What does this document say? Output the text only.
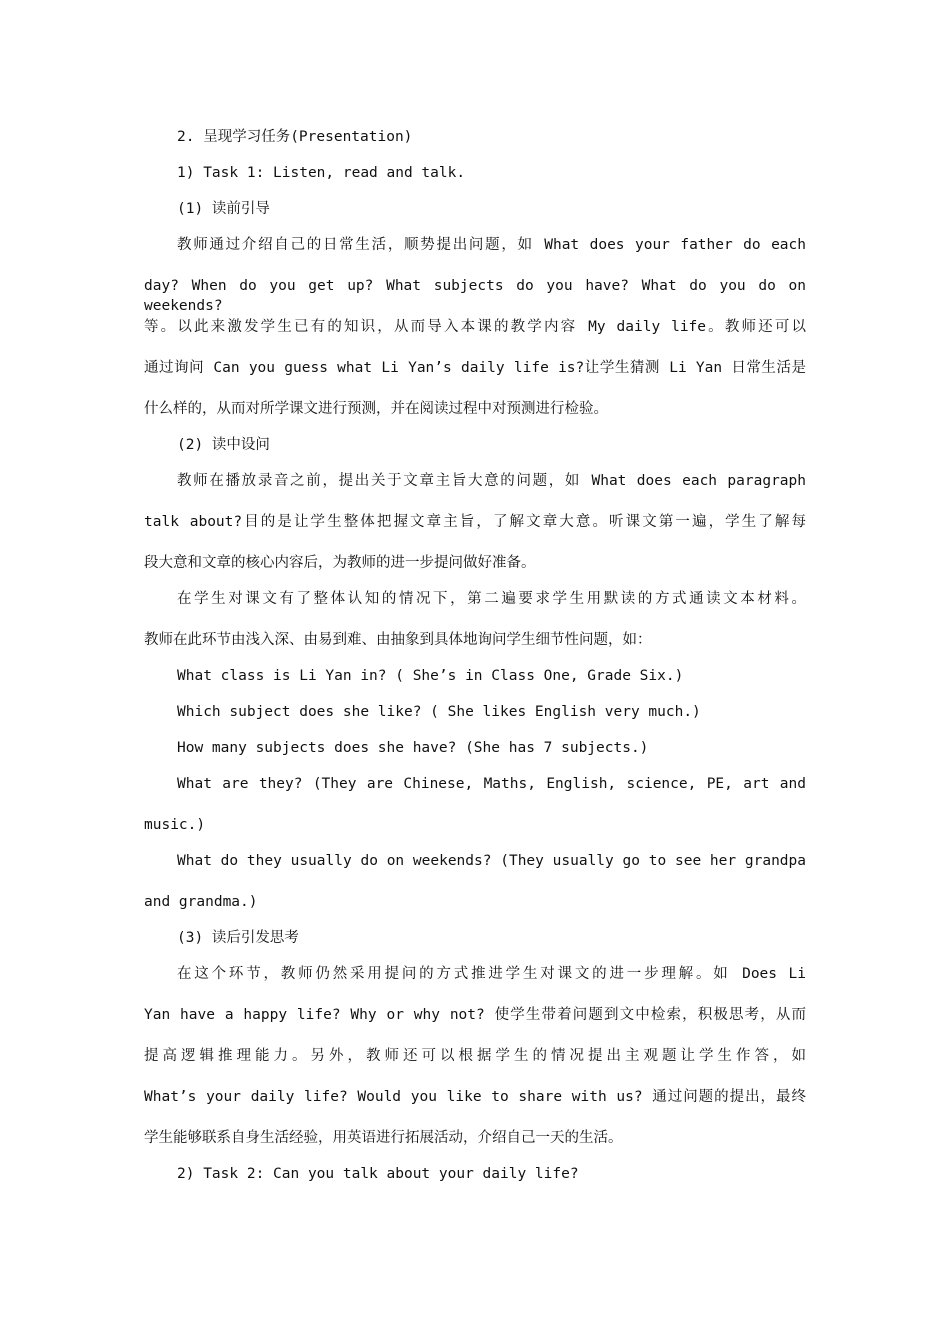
2. 呈现学习任务(Presentation)
1) Task 1: Listen, read and talk.
(1) 读前引导
教师通过介绍自己的日常生活，顺势提出问题，如 What does your father do each
day? When do you get up? What subjects do you have? What do you do on weekends?
等。以此来激发学生已有的知识，从而导入本课的教学内容 My daily life。教师还可以
通过询问 Can you guess what Li Yan’s daily life is?让学生猜测 Li Yan 日常生活是
什么样的，从而对所学课文进行预测，并在阅读过程中对预测进行检验。
(2) 读中设问
教师在播放录音之前，提出关于文章主旨大意的问题，如 What does each paragraph
talk about?目的是让学生整体把握文章主旨，了解文章大意。听课文第一遍，学生了解每
段大意和文章的核心内容后，为教师的进一步提问做好准备。
在学生对课文有了整体认知的情况下，第二遍要求学生用默读的方式通读文本材料。
教师在此环节由浅入深、由易到难、由抽象到具体地询问学生细节性问题，如：
What class is Li Yan in? ( She’s in Class One, Grade Six.)
Which subject does she like? ( She likes English very much.)
How many subjects does she have? (She has 7 subjects.)
What are they? (They are Chinese, Maths, English, science, PE, art and
music.)
What do they usually do on weekends? (They usually go to see her grandpa
and grandma.)
(3) 读后引发思考
在这个环节，教师仍然采用提问的方式推进学生对课文的进一步理解。如 Does Li
Yan have a happy life? Why or why not? 使学生带着问题到文中检索，积极思考，从而
提高逻辑推理能力。另外，教师还可以根据学生的情况提出主观题让学生作答，如
What’s your daily life? Would you like to share with us? 通过问题的提出，最终
学生能够联系自身生活经验，用英语进行拓展活动，介绍自己一天的生活。
2) Task 2: Can you talk about your daily life?
